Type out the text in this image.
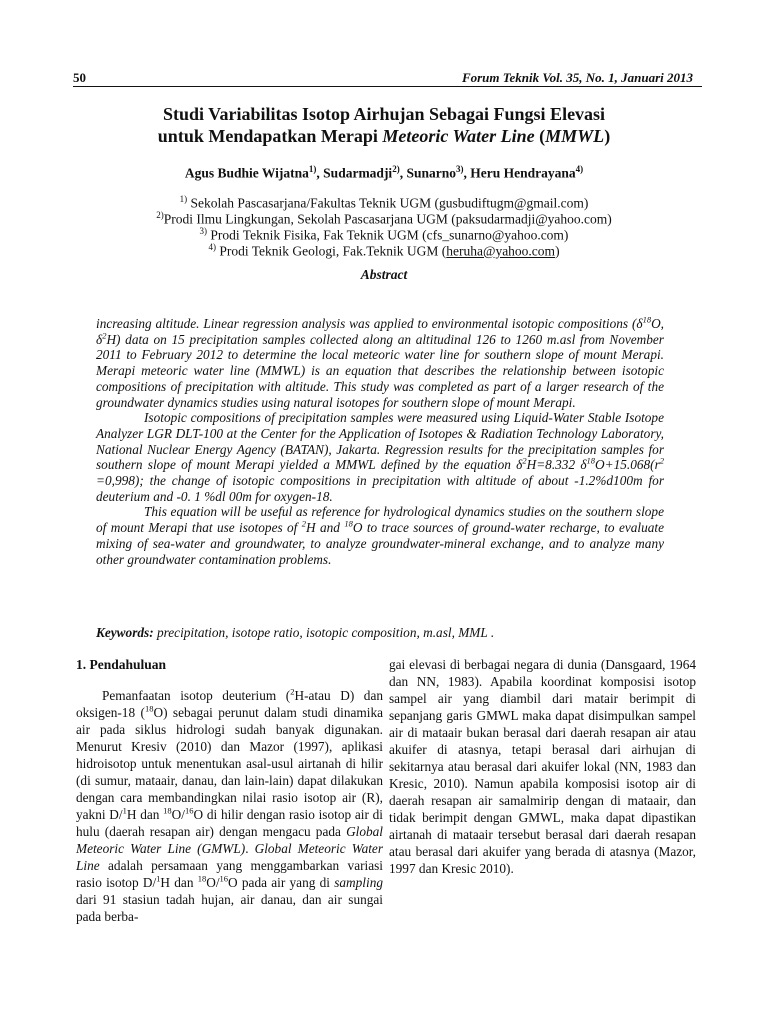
50	Forum Teknik Vol. 35, No. 1, Januari 2013
Studi Variabilitas Isotop Airhujan Sebagai Fungsi Elevasi
untuk Mendapatkan Merapi Meteoric Water Line (MMWL)
Agus Budhie Wijatna$^{1)}$, Sudarmadji$^{2)}$, Sunarno$^{3)}$, Heru Hendrayana$^{4)}$
$^{1)}$ Sekolah Pascasarjana/Fakultas Teknik UGM (gusbudiftugm@gmail.com)
$^{2)}$Prodi Ilmu Lingkungan, Sekolah Pascasarjana UGM (paksudarmadji@yahoo.com)
$^{3)}$ Prodi Teknik Fisika, Fak Teknik UGM (cfs_sunarno@yahoo.com)
$^{4)}$ Prodi Teknik Geologi, Fak.Teknik UGM (heruha@yahoo.com)
Abstract

increasing altitude. Linear regression analysis was applied to environmental isotopic compositions ($\delta^{18}O$, $\delta^2H$) data on 15 precipitation samples collected along an altitudinal 126 to 1260 m.asl from November 2011 to February 2012 to determine the local meteoric water line for southern slope of mount Merapi. Merapi meteoric water line (MMWL) is an equation that describes the relationship between isotopic compositions of precipitation with altitude. This study was completed as part of a larger research of the groundwater dynamics studies using natural isotopes for southern slope of mount Merapi.

Isotopic compositions of precipitation samples were measured using Liquid-Water Stable Isotope Analyzer LGR DLT-100 at the Center for the Application of Isotopes & Radiation Technology Laboratory, National Nuclear Energy Agency (BATAN), Jakarta. Regression results for the precipitation samples for southern slope of mount Merapi yielded a MMWL defined by the equation $\delta^2H=8.332$ $\delta^{18}O+15.068(r^2 =0,998)$; the change of isotopic compositions in precipitation with altitude of about -1.2%d100m for deuterium and -0. 1 %dl 00m for oxygen-18.

This equation will be useful as reference for hydrological dynamics studies on the southern slope of mount Merapi that use isotopes of $^2$H and $^{18}$O to trace sources of ground-water recharge, to evaluate mixing of sea-water and groundwater, to analyze groundwater-mineral exchange, and to analyze many other groundwater contamination problems.

Keywords: precipitation, isotope ratio, isotopic composition, m.asl, MML .
1. Pendahuluan

Pemanfaatan isotop deuterium ($^2$H-atau D) dan oksigen-18 ($^{18}$O) sebagai perunut dalam studi dinamika air pada siklus hidrologi sudah banyak digunakan. Menurut Kresiv (2010) dan Mazor (1997), aplikasi hidroisotop untuk menentukan asal-usul airtanah di hilir (di sumur, mataair, danau, dan lain-lain) dapat dilakukan dengan cara membandingkan nilai rasio isotop air (R), yakni D/$^1$H dan $^{18}$O/$^{16}$O di hilir dengan rasio isotop air di hulu (daerah resapan air) dengan mengacu pada Global Meteoric Water Line (GMWL). Global Meteoric Water Line adalah persamaan yang menggambarkan variasi rasio isotop D/$^1$H dan $^{18}$O/$^{16}$O pada air yang di sampling dari 91 stasiun tadah hujan, air danau, dan air sungai pada berba-

gai elevasi di berbagai negara di dunia (Dansgaard, 1964 dan NN, 1983). Apabila koordinat komposisi isotop sampel air yang diambil dari matair berimpit di sepanjang garis GMWL maka dapat disimpulkan sampel air di mataair bukan berasal dari daerah resapan air atau akuifer di atasnya, tetapi berasal dari airhujan di sekitarnya atau berasal dari akuifer lokal (NN, 1983 dan Kresic, 2010). Namun apabila komposisi isotop air di daerah resapan air samalmirip dengan di mataair, dan tidak berimpit dengan GMWL, maka dapat dipastikan airtanah di mataair tersebut berasal dari daerah resapan atau berasal dari akuifer yang berada di atasnya (Mazor, 1997 dan Kresic 2010).
